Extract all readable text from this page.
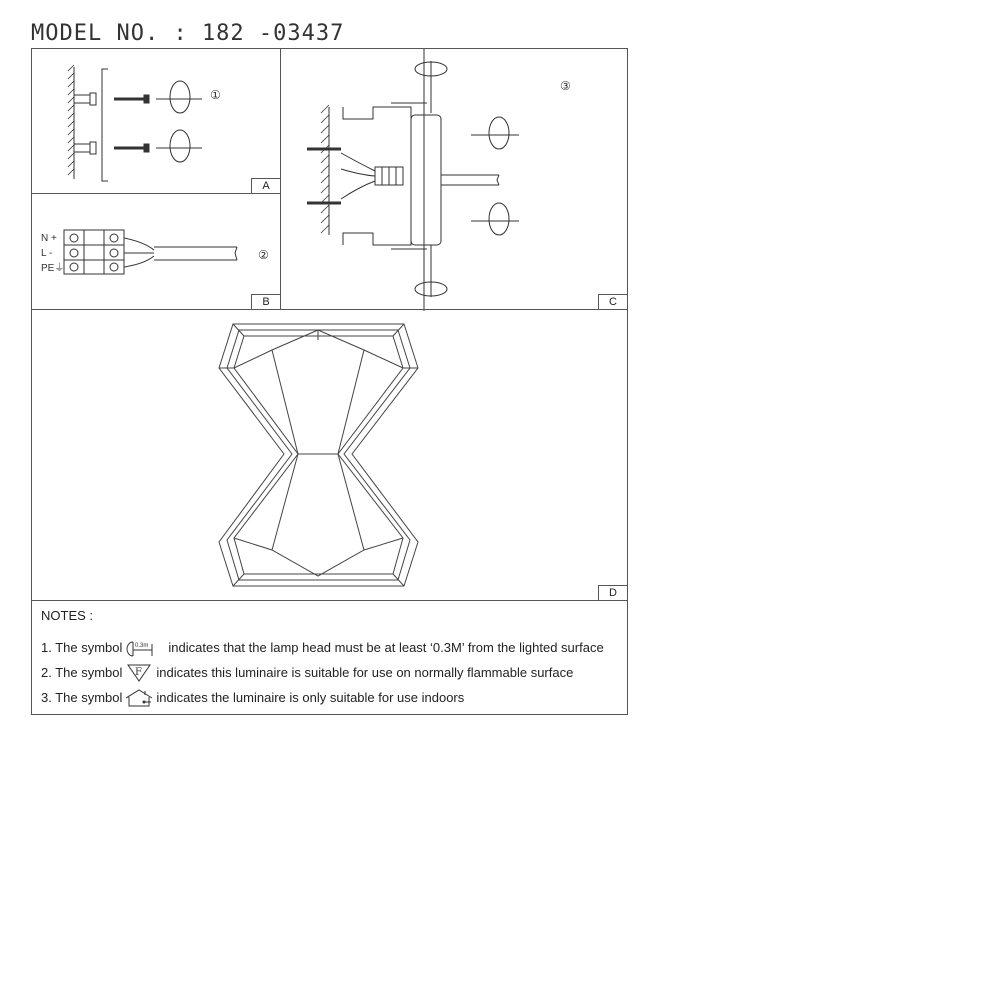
MODEL NO. : 182 -03437
①
A
N +
L -
PE⏚
②
B
③
C
D
NOTES :
1. The symbol 0.3m indicates that the lamp head must be at least ‘0.3M’ from the lighted surface
2. The symbol F indicates this luminaire is suitable for use on normally flammable surface
3. The symbol	indicates the luminaire is only suitable for use indoors
